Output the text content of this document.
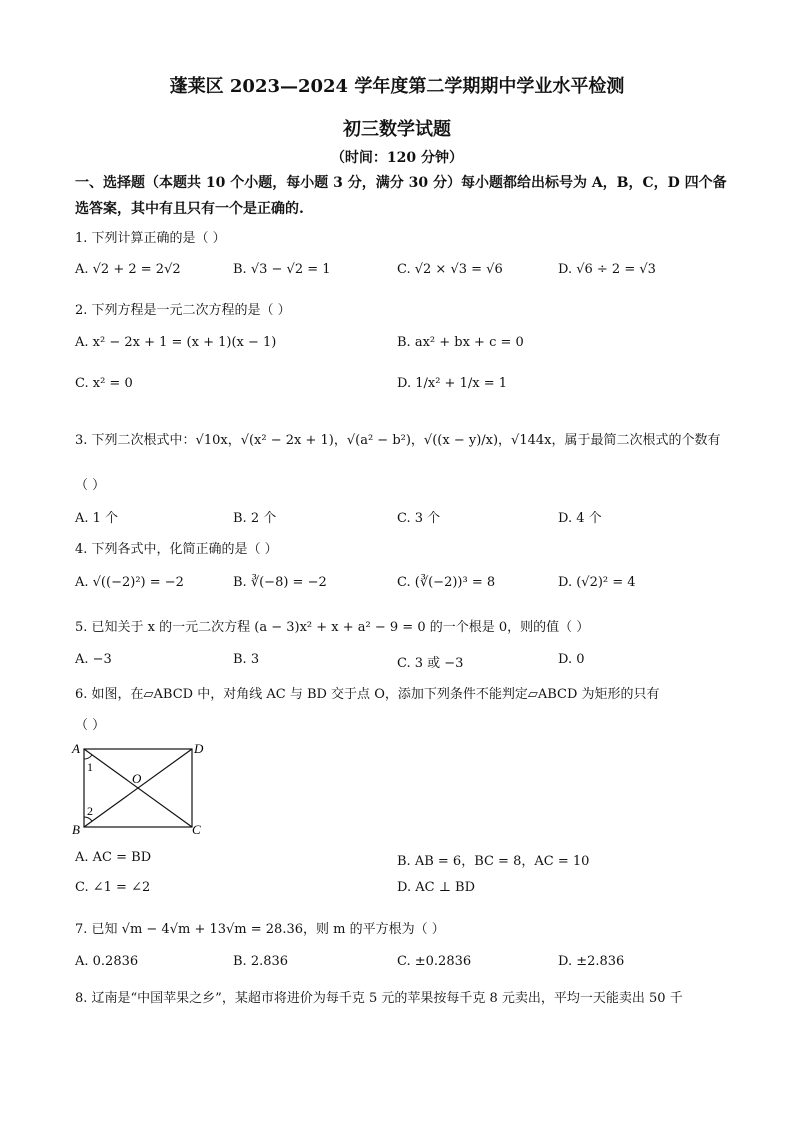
蓬莱区 2023—2024 学年度第二学期期中学业水平检测
初三数学试题
（时间：120 分钟）
一、选择题（本题共 10 个小题，每小题 3 分，满分 30 分）每小题都给出标号为 A，B，C，D 四个备选答案，其中有且只有一个是正确的.
1. 下列计算正确的是（ ）
A. √2 + 2 = 2√2	B. √3 − √2 = 1	C. √2 × √3 = √6	D. √6 ÷ 2 = √3
2. 下列方程是一元二次方程的是（ ）
A. x² − 2x + 1 = (x + 1)(x − 1)	B. ax² + bx + c = 0
C. x² = 0	D. 1/x² + 1/x = 1
3. 下列二次根式中：√10x，√(x² − 2x + 1)，√(a² − b²)，√((x − y)/x)，√144x，属于最简二次根式的个数有
（ ）
A. 1 个	B. 2 个	C. 3 个	D. 4 个
4. 下列各式中，化简正确的是（ ）
A. √((−2)²) = −2	B. ∛(−8) = −2	C. (∛(−2))³ = 8	D. (√2)² = 4
5. 已知关于 x 的一元二次方程 (a − 3)x² + x + a² − 9 = 0 的一个根是 0，则的值（ ）
A. −3	B. 3	C. 3 或 −3	D. 0
6. 如图，在▱ABCD 中，对角线 AC 与 BD 交于点 O，添加下列条件不能判定▱ABCD 为矩形的只有
（ ）
A
B	C
D
O
1
2
A. AC = BD	B. AB = 6，BC = 8，AC = 10
C. ∠1 = ∠2	D. AC ⊥ BD
7. 已知 √m − 4√m + 13√m = 28.36，则 m 的平方根为（ ）
A. 0.2836	B. 2.836	C. ±0.2836	D. ±2.836
8. 辽南是“中国苹果之乡”，某超市将进价为每千克 5 元的苹果按每千克 8 元卖出，平均一天能卖出 50 千
